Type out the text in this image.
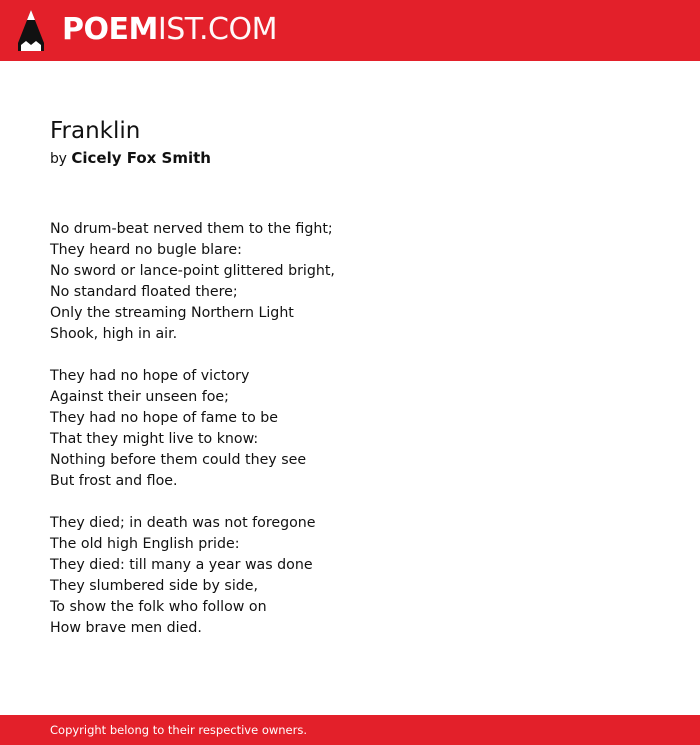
POEMIST.COM
Franklin
by Cicely Fox Smith
No drum-beat nerved them to the fight;
They heard no bugle blare:
No sword or lance-point glittered bright,
No standard floated there;
Only the streaming Northern Light
Shook, high in air.
They had no hope of victory
Against their unseen foe;
They had no hope of fame to be
That they might live to know:
Nothing before them could they see
But frost and floe.
They died; in death was not foregone
The old high English pride:
They died: till many a year was done
They slumbered side by side,
To show the folk who follow on
How brave men died.
Copyright belong to their respective owners.
